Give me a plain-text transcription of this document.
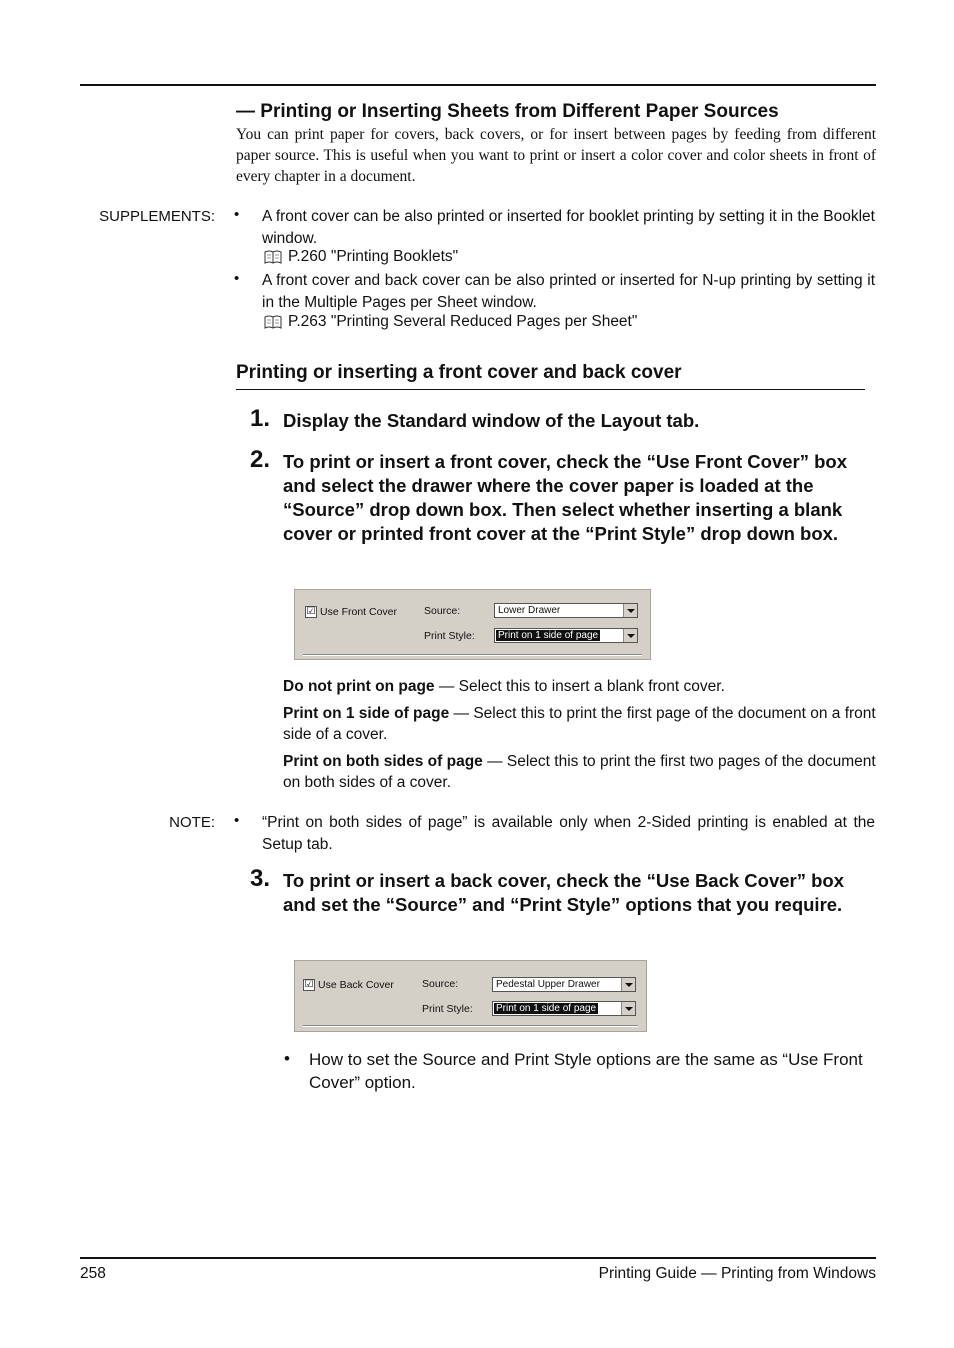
— Printing or Inserting Sheets from Different Paper Sources
You can print paper for covers, back covers, or for insert between pages by feeding from different paper source. This is useful when you want to print or insert a color cover and color sheets in front of every chapter in a document.
SUPPLEMENTS: • A front cover can be also printed or inserted for booklet printing by setting it in the Booklet window.
P.260 "Printing Booklets"
• A front cover and back cover can be also printed or inserted for N-up printing by setting it in the Multiple Pages per Sheet window.
P.263 "Printing Several Reduced Pages per Sheet"
Printing or inserting a front cover and back cover
1. Display the Standard window of the Layout tab.
2. To print or insert a front cover, check the “Use Front Cover” box and select the drawer where the cover paper is loaded at the “Source” drop down box. Then select whether inserting a blank cover or printed front cover at the “Print Style” drop down box.
☑ Use Front Cover	Source:	Lower Drawer
Print Style: Print on 1 side of page
Do not print on page — Select this to insert a blank front cover.
Print on 1 side of page — Select this to print the first page of the document on a front side of a cover.
Print on both sides of page — Select this to print the first two pages of the document on both sides of a cover.
NOTE: • “Print on both sides of page” is available only when 2-Sided printing is enabled at the Setup tab.
3. To print or insert a back cover, check the “Use Back Cover” box and set the “Source” and “Print Style” options that you require.
☑ Use Back Cover	Source:	Pedestal Upper Drawer
Print Style: Print on 1 side of page
• How to set the Source and Print Style options are the same as “Use Front Cover” option.
258	Printing Guide — Printing from Windows
